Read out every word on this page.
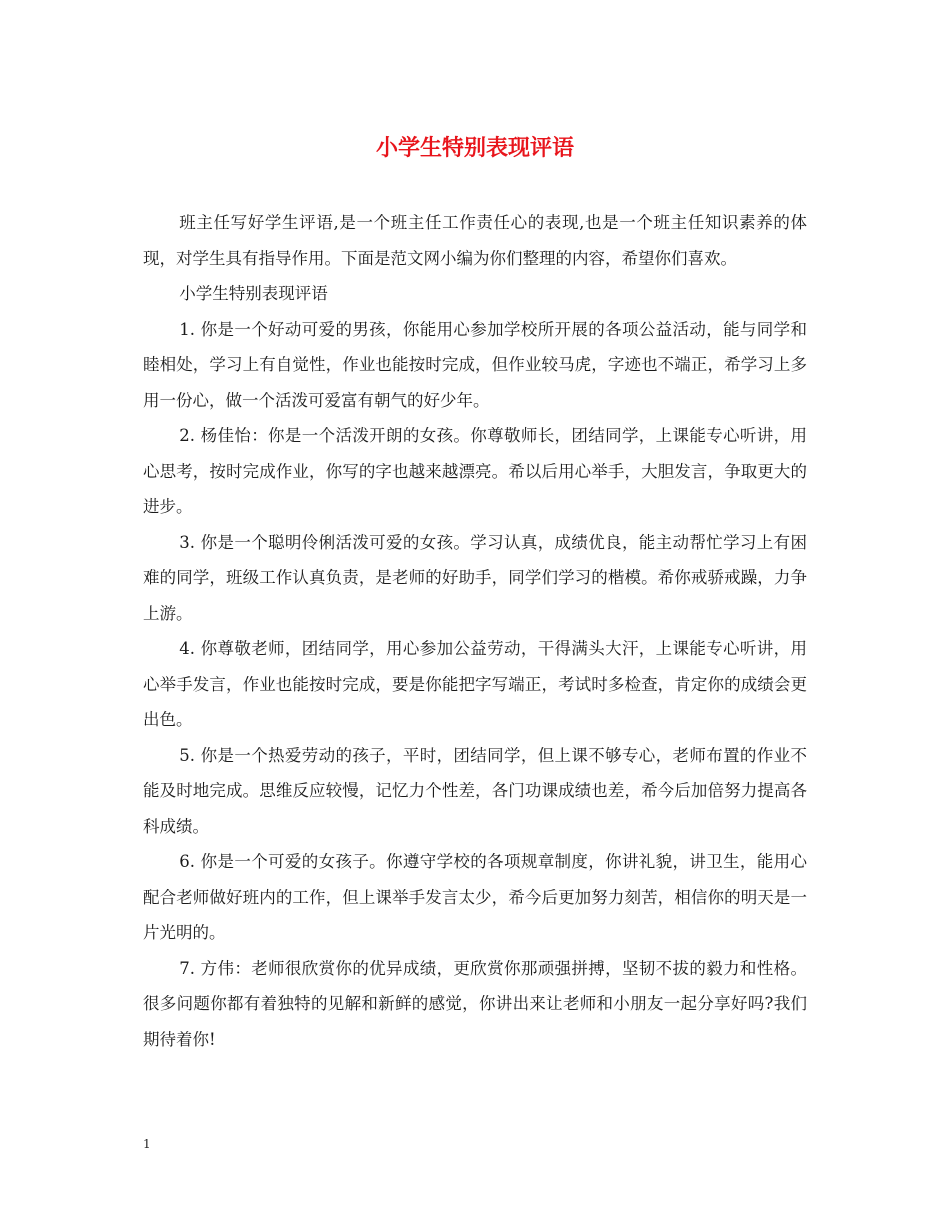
小学生特别表现评语

班主任写好学生评语,是一个班主任工作责任心的表现,也是一个班主任知识素养的体现，对学生具有指导作用。下面是范文网小编为你们整理的内容，希望你们喜欢。

小学生特别表现评语

1. 你是一个好动可爱的男孩，你能用心参加学校所开展的各项公益活动，能与同学和睦相处，学习上有自觉性，作业也能按时完成，但作业较马虎，字迹也不端正，希学习上多用一份心，做一个活泼可爱富有朝气的好少年。

2. 杨佳怡：你是一个活泼开朗的女孩。你尊敬师长，团结同学，上课能专心听讲，用心思考，按时完成作业，你写的字也越来越漂亮。希以后用心举手，大胆发言，争取更大的进步。

3. 你是一个聪明伶俐活泼可爱的女孩。学习认真，成绩优良，能主动帮忙学习上有困难的同学，班级工作认真负责，是老师的好助手，同学们学习的楷模。希你戒骄戒躁，力争上游。

4. 你尊敬老师，团结同学，用心参加公益劳动，干得满头大汗，上课能专心听讲，用心举手发言，作业也能按时完成，要是你能把字写端正，考试时多检查，肯定你的成绩会更出色。

5. 你是一个热爱劳动的孩子，平时，团结同学，但上课不够专心，老师布置的作业不能及时地完成。思维反应较慢，记忆力个性差，各门功课成绩也差，希今后加倍努力提高各科成绩。

6. 你是一个可爱的女孩子。你遵守学校的各项规章制度，你讲礼貌，讲卫生，能用心配合老师做好班内的工作，但上课举手发言太少，希今后更加努力刻苦，相信你的明天是一片光明的。

7. 方伟：老师很欣赏你的优异成绩，更欣赏你那顽强拼搏，坚韧不拔的毅力和性格。很多问题你都有着独特的见解和新鲜的感觉，你讲出来让老师和小朋友一起分享好吗?我们期待着你!

1
